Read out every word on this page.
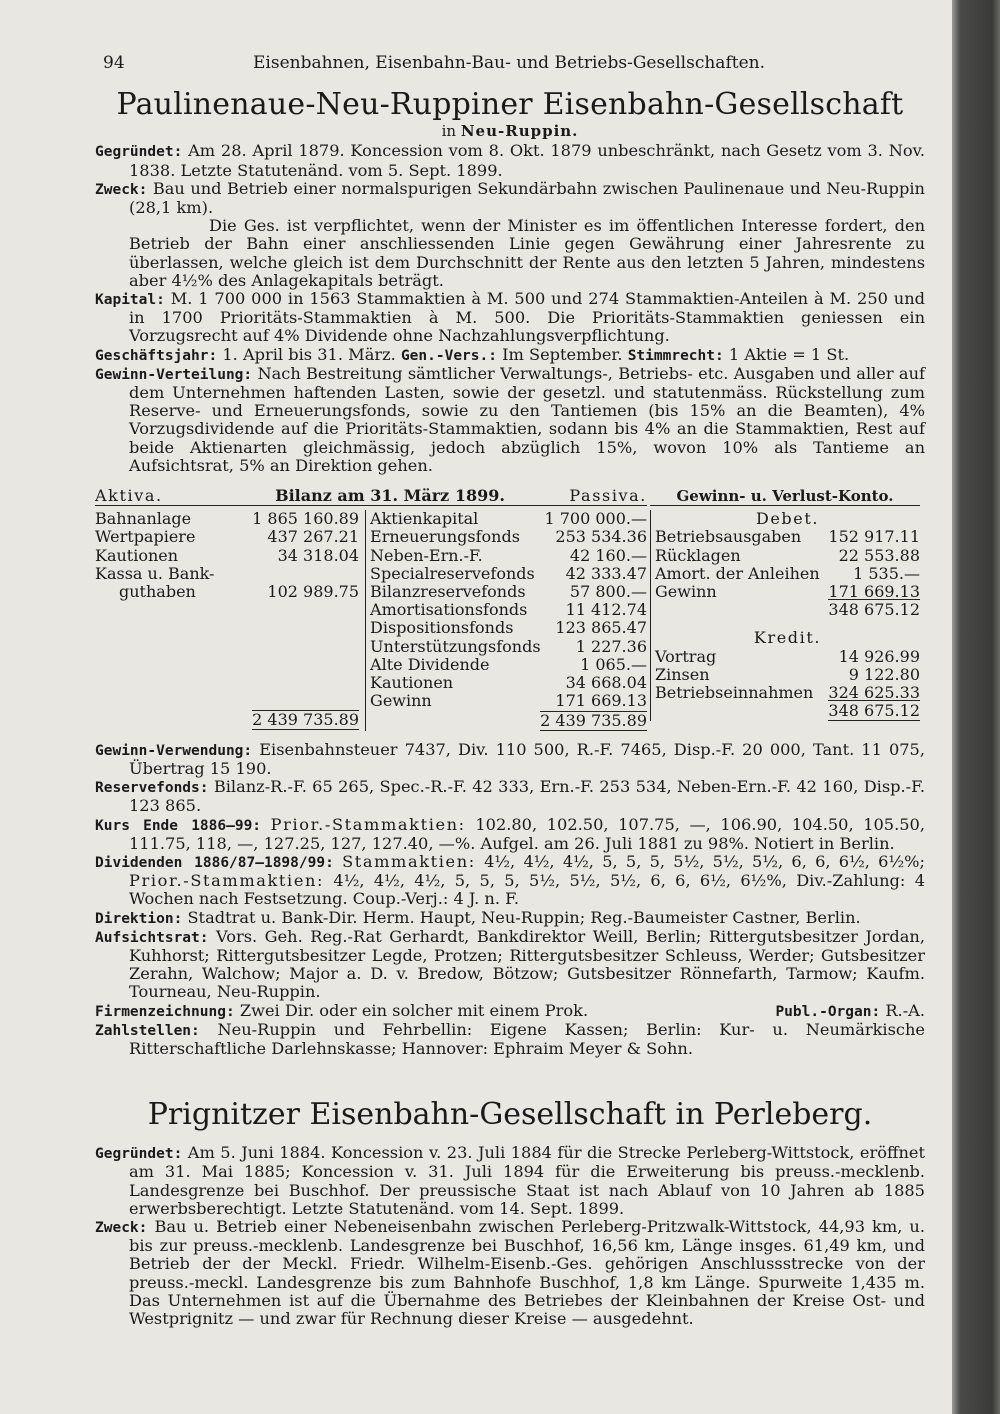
94	Eisenbahnen, Eisenbahn-Bau- und Betriebs-Gesellschaften.
Paulinenaue-Neu-Ruppiner Eisenbahn-Gesellschaft
in Neu-Ruppin.

Gegründet: Am 28. April 1879. Koncession vom 8. Okt. 1879 unbeschränkt, nach Gesetz vom 3. Nov. 1838. Letzte Statutenänd. vom 5. Sept. 1899.

Zweck: Bau und Betrieb einer normalspurigen Sekundärbahn zwischen Paulinenaue und Neu-Ruppin (28,1 km).

Die Ges. ist verpflichtet, wenn der Minister es im öffentlichen Interesse fordert, den Betrieb der Bahn einer anschliessenden Linie gegen Gewährung einer Jahresrente zu überlassen, welche gleich ist dem Durchschnitt der Rente aus den letzten 5 Jahren, mindestens aber 4½% des Anlagekapitals beträgt.

Kapital: M. 1 700 000 in 1563 Stammaktien à M. 500 und 274 Stammaktien-Anteilen à M. 250 und in 1700 Prioritäts-Stammaktien à M. 500. Die Prioritäts-Stammaktien geniessen ein Vorzugsrecht auf 4% Dividende ohne Nachzahlungsverpflichtung.

Geschäftsjahr: 1. April bis 31. März. Gen.-Vers.: Im September. Stimmrecht: 1 Aktie = 1 St.

Gewinn-Verteilung: Nach Bestreitung sämtlicher Verwaltungs-, Betriebs- etc. Ausgaben und aller auf dem Unternehmen haftenden Lasten, sowie der gesetzl. und statutenmäss. Rückstellung zum Reserve- und Erneuerungsfonds, sowie zu den Tantiemen (bis 15% an die Beamten), 4% Vorzugsdividende auf die Prioritäts-Stammaktien, sodann bis 4% an die Stammaktien, Rest auf beide Aktienarten gleichmässig, jedoch abzüglich 15%, wovon 10% als Tantieme an Aufsichtsrat, 5% an Direktion gehen.

Aktiva.	Bilanz am 31. März 1899.	Passiva.
Bahnanlage	1 865 160.89
Wertpapiere	437 267.21
Kautionen	34 318.04
Kassa u. Bank-
guthaben	102 989.75
2 439 735.89
Aktienkapital	1 700 000.—
Erneuerungsfonds 253 534.36
Neben-Ern.-F.	42 160.—
Specialreservefonds 42 333.47
Bilanzreservefonds	57 800.—
Amortisationsfonds 11 412.74
Dispositionsfonds	123 865.47
Unterstützungsfonds 1 227.36
Alte Dividende	1 065.—
Kautionen	34 668.04
Gewinn	171 669.13
2 439 735.89
Gewinn- u. Verlust-Konto.
Debet.
Betriebsausgaben 152 917.11
Rücklagen	22 553.88
Amort. der Anleihen 1 535.—
Gewinn	171 669.13
348 675.12
Kredit.
Vortrag	14 926.99
Zinsen	9 122.80
Betriebseinnahmen 324 625.33
348 675.12

Gewinn-Verwendung: Eisenbahnsteuer 7437, Div. 110 500, R.-F. 7465, Disp.-F. 20 000, Tant. 11 075, Übertrag 15 190.

Reservefonds: Bilanz-R.-F. 65 265, Spec.-R.-F. 42 333, Ern.-F. 253 534, Neben-Ern.-F. 42 160, Disp.-F. 123 865.

Kurs Ende 1886—99: Prior.-Stammaktien: 102.80, 102.50, 107.75, —, 106.90, 104.50, 105.50, 111.75, 118, —, 127.25, 127, 127.40, —%. Aufgel. am 26. Juli 1881 zu 98%. Notiert in Berlin.

Dividenden 1886/87—1898/99: Stammaktien: 4½, 4½, 4½, 5, 5, 5, 5½, 5½, 5½, 6, 6, 6½, 6½%; Prior.-Stammaktien: 4½, 4½, 4½, 5, 5, 5, 5½, 5½, 5½, 6, 6, 6½, 6½%, Div.-Zahlung: 4 Wochen nach Festsetzung. Coup.-Verj.: 4 J. n. F.

Direktion: Stadtrat u. Bank-Dir. Herm. Haupt, Neu-Ruppin; Reg.-Baumeister Castner, Berlin.

Aufsichtsrat: Vors. Geh. Reg.-Rat Gerhardt, Bankdirektor Weill, Berlin; Rittergutsbesitzer Jordan, Kuhhorst; Rittergutsbesitzer Legde, Protzen; Rittergutsbesitzer Schleuss, Werder; Gutsbesitzer Zerahn, Walchow; Major a. D. v. Bredow, Bötzow; Gutsbesitzer Rönnefarth, Tarmow; Kaufm. Tourneau, Neu-Ruppin.

Firmenzeichnung: Zwei Dir. oder ein solcher mit einem Prok.	Publ.-Organ: R.-A.

Zahlstellen: Neu-Ruppin und Fehrbellin: Eigene Kassen; Berlin: Kur- u. Neumärkische Ritterschaftliche Darlehnskasse; Hannover: Ephraim Meyer & Sohn.

Prignitzer Eisenbahn-Gesellschaft in Perleberg.

Gegründet: Am 5. Juni 1884. Koncession v. 23. Juli 1884 für die Strecke Perleberg-Wittstock, eröffnet am 31. Mai 1885; Koncession v. 31. Juli 1894 für die Erweiterung bis preuss.-mecklenb. Landesgrenze bei Buschhof. Der preussische Staat ist nach Ablauf von 10 Jahren ab 1885 erwerbsberechtigt. Letzte Statutenänd. vom 14. Sept. 1899.

Zweck: Bau u. Betrieb einer Nebeneisenbahn zwischen Perleberg-Pritzwalk-Wittstock, 44,93 km, u. bis zur preuss.-mecklenb. Landesgrenze bei Buschhof, 16,56 km, Länge insges. 61,49 km, und Betrieb der der Meckl. Friedr. Wilhelm-Eisenb.-Ges. gehörigen Anschlussstrecke von der preuss.-meckl. Landesgrenze bis zum Bahnhofe Buschhof, 1,8 km Länge. Spurweite 1,435 m. Das Unternehmen ist auf die Übernahme des Betriebes der Kleinbahnen der Kreise Ost- und Westprignitz — und zwar für Rechnung dieser Kreise — ausgedehnt.
